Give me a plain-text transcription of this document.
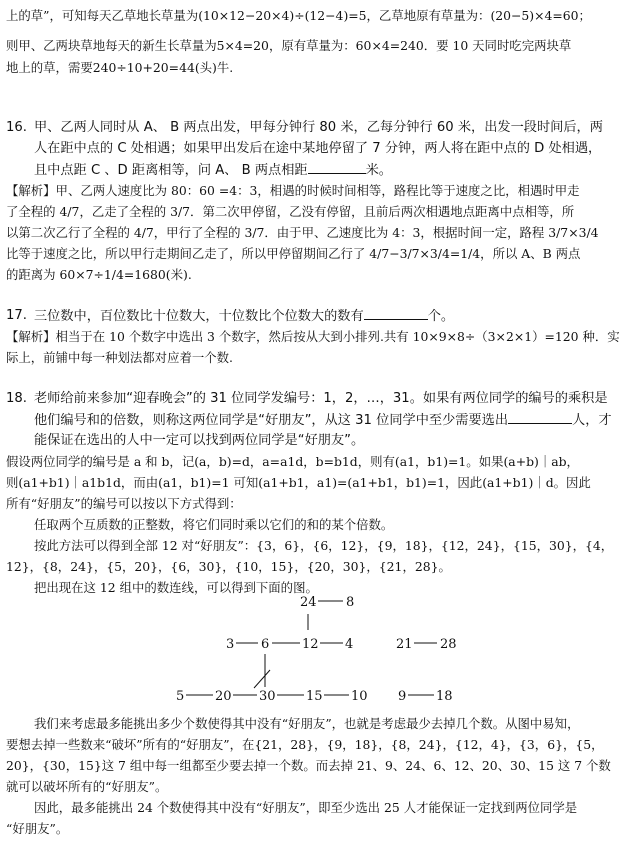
上的草”，可知每天乙草地长草量为(10×12−20×4)÷(12−4)=5，乙草地原有草量为：(20−5)×4=60；
则甲、乙两块草地每天的新生长草量为5×4=20，原有草量为：60×4=240．要 10 天同时吃完两块草
地上的草，需要240÷10+20=44(头)牛.
16. 甲、乙两人同时从 A、 B 两点出发，甲每分钟行 80 米，乙每分钟行 60 米，出发一段时间后，两
人在距中点的 C 处相遇；如果甲出发后在途中某地停留了 7 分钟，两人将在距中点的 D 处相遇，
且中点距 C 、D 距离相等，问 A、 B 两点相距	米。
【解析】甲、乙两人速度比为 80：60 =4：3，相遇的时候时间相等，路程比等于速度之比，相遇时甲走
了全程的 4/7，乙走了全程的 3/7．第二次甲停留，乙没有停留，且前后两次相遇地点距离中点相等，所
以第二次乙行了全程的 4/7，甲行了全程的 3/7．由于甲、乙速度比为 4：3，根据时间一定，路程 3/7×3/4
比等于速度之比，所以甲行走期间乙走了，所以甲停留期间乙行了 4/7−3/7×3/4=1/4，所以 A、B 两点
的距离为 60×7÷1/4=1680(米).
17. 三位数中，百位数比十位数大，十位数比个位数大的数有	个。
【解析】相当于在 10 个数字中选出 3 个数字，然后按从大到小排列.共有 10×9×8÷（3×2×1）=120 种．实
际上，前铺中每一种划法都对应着一个数.
18. 老师给前来参加“迎春晚会”的 31 位同学发编号：1，2，…，31。如果有两位同学的编号的乘积是
他们编号和的倍数，则称这两位同学是“好朋友”，从这 31 位同学中至少需要选出	人，才
能保证在选出的人中一定可以找到两位同学是“好朋友”。
假设两位同学的编号是 a 和 b，记(a，b)=d，a=a1d，b=b1d，则有(a1，b1)=1。如果(a+b)｜ab，
则(a1+b1)｜a1b1d，而由(a1，b1)=1 可知(a1+b1，a1)=(a1+b1，b1)=1，因此(a1+b1)｜d。因此
所有“好朋友”的编号可以按以下方式得到：
任取两个互质数的正整数，将它们同时乘以它们的和的某个倍数。
按此方法可以得到全部 12 对“好朋友”：{3，6}，{6，12}，{9，18}，{12，24}，{15，30}，{4，
12}，{8，24}，{5，20}，{6，30}，{10，15}，{20，30}，{21，28}。
把出现在这 12 组中的数连线，可以得到下面的图。
24 8
3 6	12 4	21 28
5 20 30 15 10 9 18
我们来考虑最多能挑出多少个数使得其中没有“好朋友”，也就是考虑最少去掉几个数。从图中易知，
要想去掉一些数来“破坏”所有的“好朋友”，在{21，28}，{9，18}，{8，24}，{12，4}，{3，6}，{5，
20}，{30，15}这 7 组中每一组都至少要去掉一个数。而去掉 21、9、24、6、12、20、30、15 这 7 个数
就可以破坏所有的“好朋友”。
因此，最多能挑出 24 个数使得其中没有“好朋友”，即至少选出 25 人才能保证一定找到两位同学是
“好朋友”。
